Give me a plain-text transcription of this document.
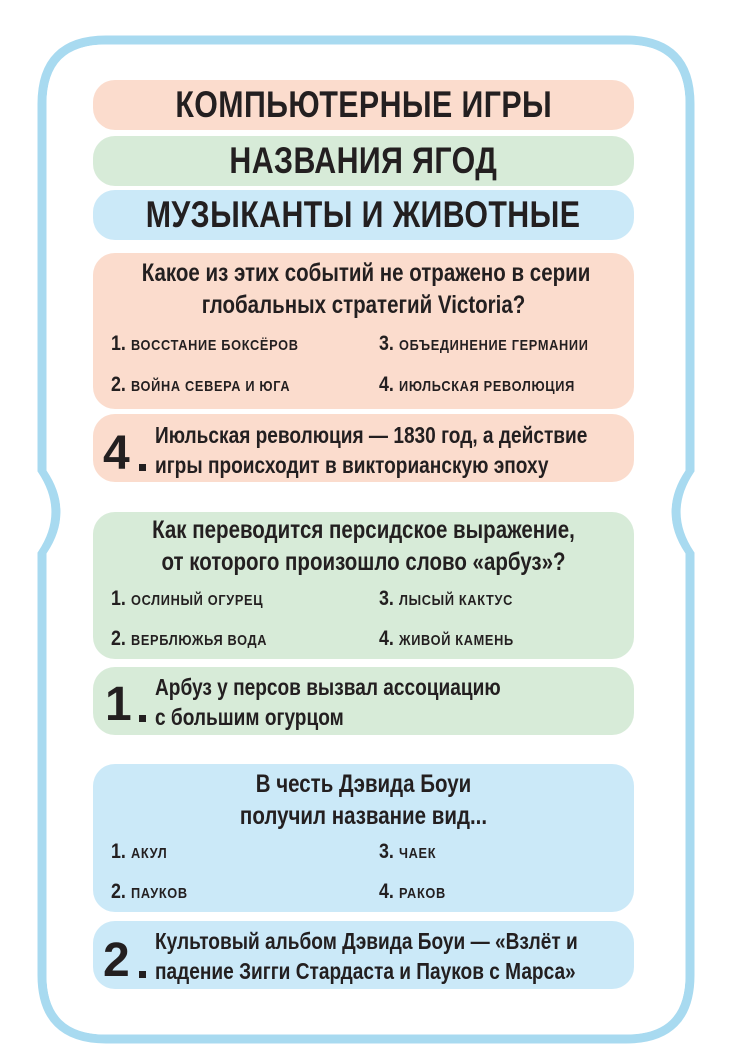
КОМПЬЮТЕРНЫЕ ИГРЫ
НАЗВАНИЯ ЯГОД
МУЗЫКАНТЫ И ЖИВОТНЫЕ
Какое из этих событий не отражено в серии
глобальных стратегий Victoria?
1. ВОССТАНИЕ БОКСЁРОВ
2. ВОЙНА СЕВЕРА И ЮГА
3. ОБЪЕДИНЕНИЕ ГЕРМАНИИ
4. ИЮЛЬСКАЯ РЕВОЛЮЦИЯ
4 Июльская революция — 1830 год, а действие
игры происходит в викторианскую эпоху
Как переводится персидское выражение,
от которого произошло слово «арбуз»?
1. ОСЛИНЫЙ ОГУРЕЦ
2. ВЕРБЛЮЖЬЯ ВОДА
3. ЛЫСЫЙ КАКТУС
4. ЖИВОЙ КАМЕНЬ
1 Арбуз у персов вызвал ассоциацию
с большим огурцом
В честь Дэвида Боуи
получил название вид...
1. АКУЛ
2. ПАУКОВ
3. ЧАЕК
4. РАКОВ
2 Культовый альбом Дэвида Боуи — «Взлёт и
падение Зигги Стардаста и Пауков с Марса»
